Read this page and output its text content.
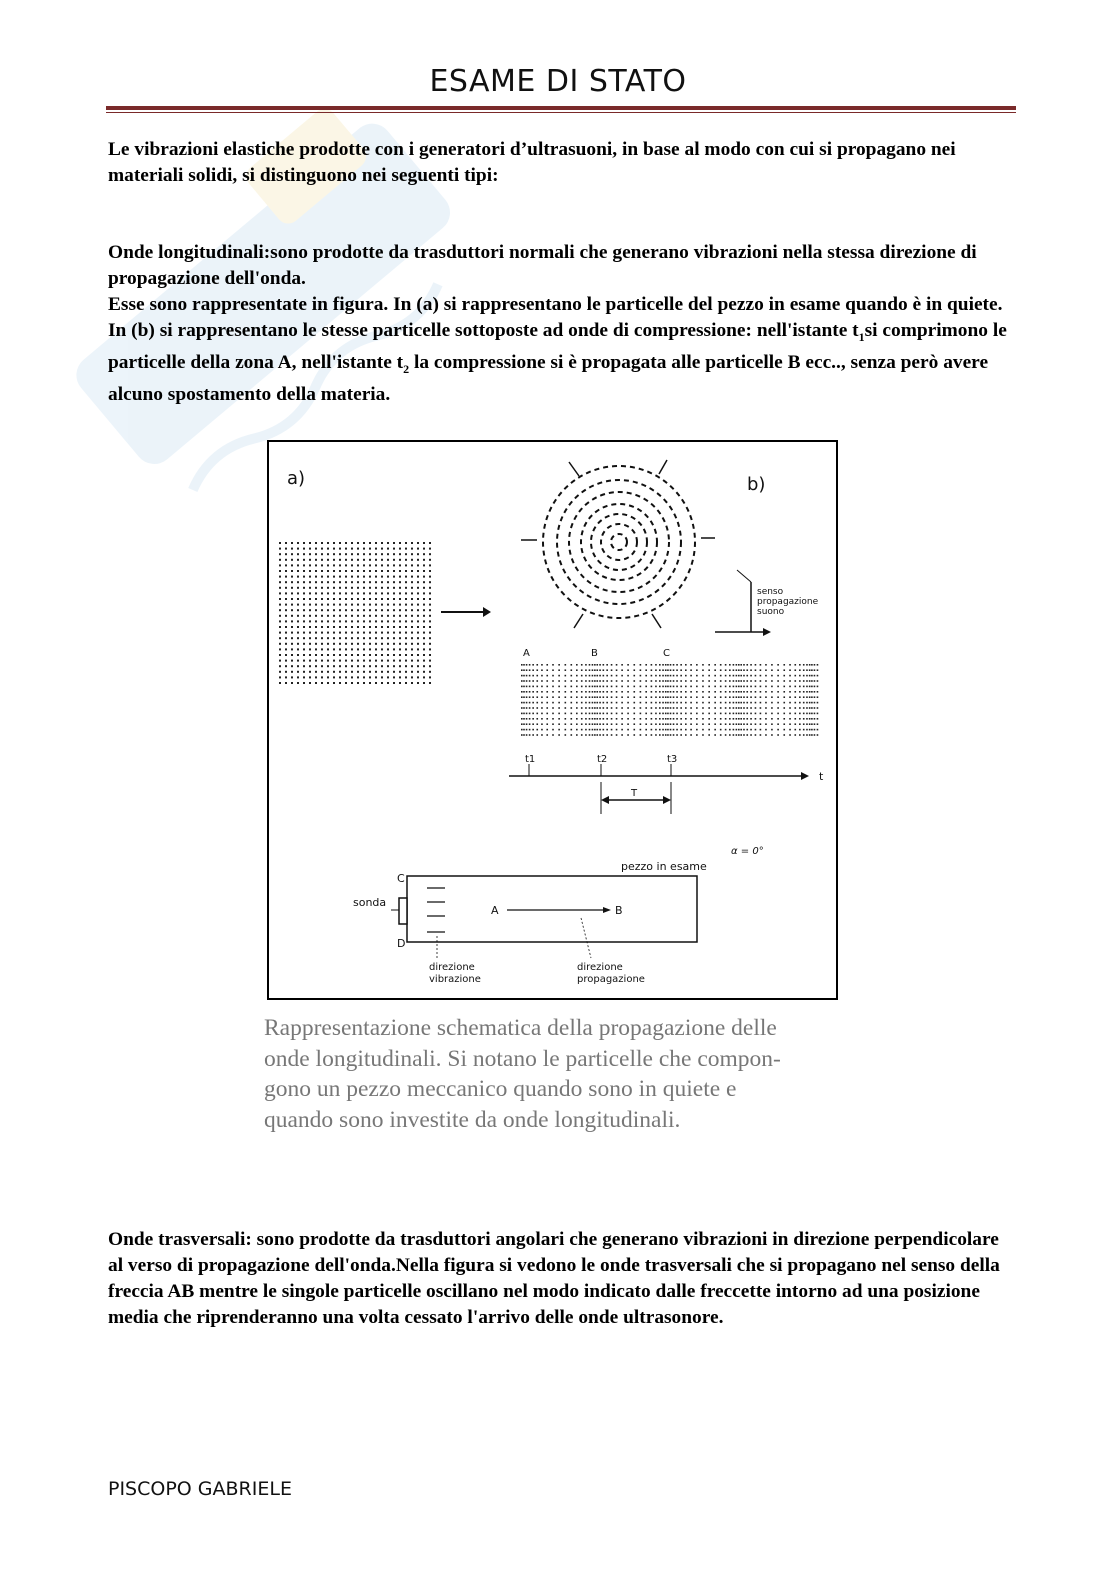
ESAME DI STATO
Le vibrazioni elastiche prodotte con i generatori d’ultrasuoni, in base al modo con cui si propagano nei materiali solidi, si distinguono nei seguenti tipi:
Onde longitudinali:sono prodotte da trasduttori normali che generano vibrazioni nella stessa direzione di propagazione dell'onda.
Esse sono rappresentate in figura. In (a) si rappresentano le particelle del pezzo in esame quando è in quiete. In (b) si rappresentano le stesse particelle sottoposte ad onde di compressione: nell'istante $t_1si$ comprimono le particelle della zona A, nell'istante $t_2$ la compressione si è propagata alle particelle B ecc.., senza però avere alcuno spostamento della materia.
a)	b)
senso
propagazione
suono
A	B	C
t1	t2	t3
t
T
α = 0°
pezzo in esame
C
D
sonda
A	B
direzione
vibrazione
direzione
propagazione
Rappresentazione schematica della propagazione delle
onde longitudinali. Si notano le particelle che compon-
gono un pezzo meccanico quando sono in quiete e
quando sono investite da onde longitudinali.
Onde trasversali: sono prodotte da trasduttori angolari che generano vibrazioni in direzione perpendicolare al verso di propagazione dell'onda.Nella figura si vedono le onde trasversali che si propagano nel senso della freccia AB mentre le singole particelle oscillano nel modo indicato dalle freccette intorno ad una posizione media che riprenderanno una volta cessato l'arrivo delle onde ultrasonore.
PISCOPO GABRIELE
